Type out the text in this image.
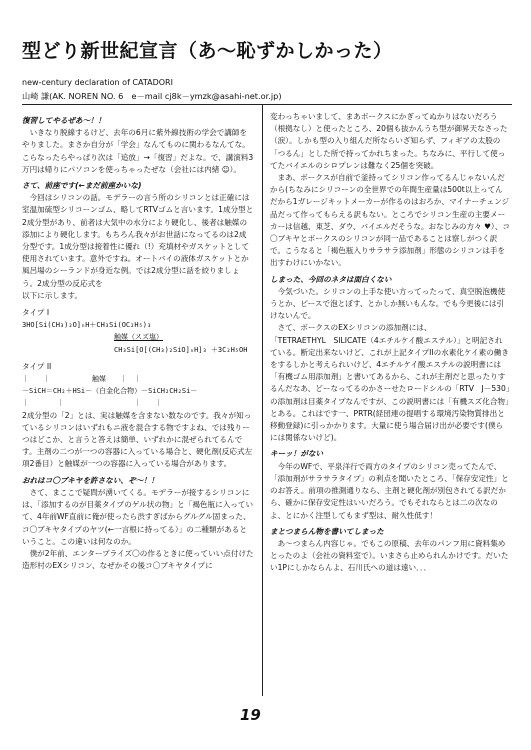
型どり新世紀宣言（あ〜恥ずかしかった）
new-century declaration of CATADORI
山崎 謙(AK. NOREN NO. 6　e－mail cj8k－ymzk@asahi-net.or.jp)

復習してやるぜあ〜！！

　いきなり脱線するけど、去年の6月に紫外線技術の学会で講師をやりました。まさか自分が「学会」なんてものに関わるなんてな。こらなったらやっぱり次は「追放」→「復習」だよな。で、講演料3万円は帰りにパソコンを使っちゃったぜな（会社には内緒 ☺）。

さて、前座です(←まだ前座かいな)

　今回はシリコンの話。モデラーの言う所のシリコンとは正確には室温加硫型シリコーンゴム、略してRTVゴムと言います。1成分型と2成分型があり、前者は大気中の水分により硬化し、後者は触媒の添加により硬化します。もちろん我々がお世話になってるのは2成分型です。1成分型は接着性に優れ（!）充填材やガスケットとして使用されています。意外ですね。オートバイの液体ガスケットとか風呂場のシーランドが身近な例。では2成分型に話を絞りましょう。2成分型の反応式を

以下に示します。

タイプ I

3HO[Si(CH₃)₂O]ₙH＋CH₃Si(OC₂H₅)₃

触媒（スズ塩）

CH₃Si[O[(CH₃)₂SiO]ₙH]₃ ＋3C₂H₅OH

タイプ II

｜　　｜　　　　　　触媒　　｜　｜

－SiCH＝CH₂＋HSi－（白金化合物）－SiCH₂CH₂Si－

｜　　　　｜　　　　　　　　　　｜　　｜

2成分型の「2」とは、実は触媒を含まない数なのです。我々が知っているシリコンはいずれもニ液を混合する物ですよね、では残りーつはどこか、と言うと答えは簡単、いずれかに混ぜられてるんです。主剤の二つが一つの容器に入っている場合と、硬化剤(反応式左項2番目）と触媒が一つの容器に入っている場合があります。

おれはコ〇ブキヤを許さない、ぞ〜！！

　さて、まここで疑問が湧いてくる。モデラーが接するシリコンには、「添加するのが目薬タイプのゲル状の物」と「褐色瓶に入っていて、4年前WF直前に俺が使ったら渋すぎばからグルグル固まった、コ〇ブキヤタイプのヤツ(←一言根に持ってる）」の二種類があるということ。この違いは何なのか。

　僕が2年前、エンタープライズ〇の作るときに使っていい点付けた造形村のEXシリコン、なぜかその後コ〇ブキヤタイプに

変わっちゃいまして、まあボークスにかぎってぬかりはないだろう（根拠なし）と使ったところ、20個も抜かんうち型が御昇天なさった（涙）。しかも型の入り組んだ所ならいざ知らず、フィギアの太股の「つるん」とした所で持ってかれちまった。ちなみに、平行して使ってたバイエルのシロプレンは難なく25個を突破。

　まあ、ボークスが自前で釜持ってシリコン作ってるんじゃないんだから(ちなみにシリコーンの全世界での年間生産量は500t以上ってんだから1ガレージキットメーカーが作るのはおろか、マイナーチェンジ品だって作ってもらえる訳もない。ところでシリコン生産の主要メーカーは信越、東芝、ダウ、バイエルだそうな。おなじみの方々 ♥）、コ〇ブキヤとボークスのシリコンが同一品であることは察しがつく訳で。こうなると「褐色瓶入りサラサラ添加剤」形態のシリコンは手を出すわけにいかない。

しまった、今回のネタは面白くない

　今気づいた。シリコンの上手な使い方ってったって、真空脱泡機使うとか、ピースで泡とぼす、とかしか無いもんな。でも今更後には引けないんで。

　さて、ボークスのEXシリコンの添加剤には、

「TETRAETHYL　SILICATE（4エチルケイ酸エステル）」と明記されている。断定出来ないけど、これが上記タイプIIの水素化ケイ素の働きをするしかと考えられいけど、4エチルケイ酸エステルの説明書には「有機ゴム用添加剤」と書いてあるから、これが主剤だと思ったりするんだなあ、どーなってるのかさーせたロードシルの「RTV　J－530」の添加剤は目薬タイプなんですが、この説明書には「有機スズ化合物」とある。これはです一、PRTR(経団連の提唱する環境汚染物質排出と移動登録)に引っかかります。大量に使う場合届け出が必要です(僕らには関係ないけど)。

キーッ！がない

　今年のWFで、平泉洋行で両方のタイプのシリコン売ってたんで、「添加剤がサラサラタイプ」の利点を聞いたところ、「保存安定性」とのお答え。前項の推測通りなら、主剤と硬化剤が別包されてる訳だから、確かに保存安定性はいいだろう。でもそれならとは二の次なのよ、とにかく注型してもまず型は、耐久性低す！

まとつまらん物を書いてしまった

　あ〜つまらん内容じゃ。でもこの原稿、去年のパンフ用に資料集めとったのよ（会社の資料室で）。いまさら止められんかけです。だいたい1Pにしかならんよ、石川氏への道は遠い．．．

19
